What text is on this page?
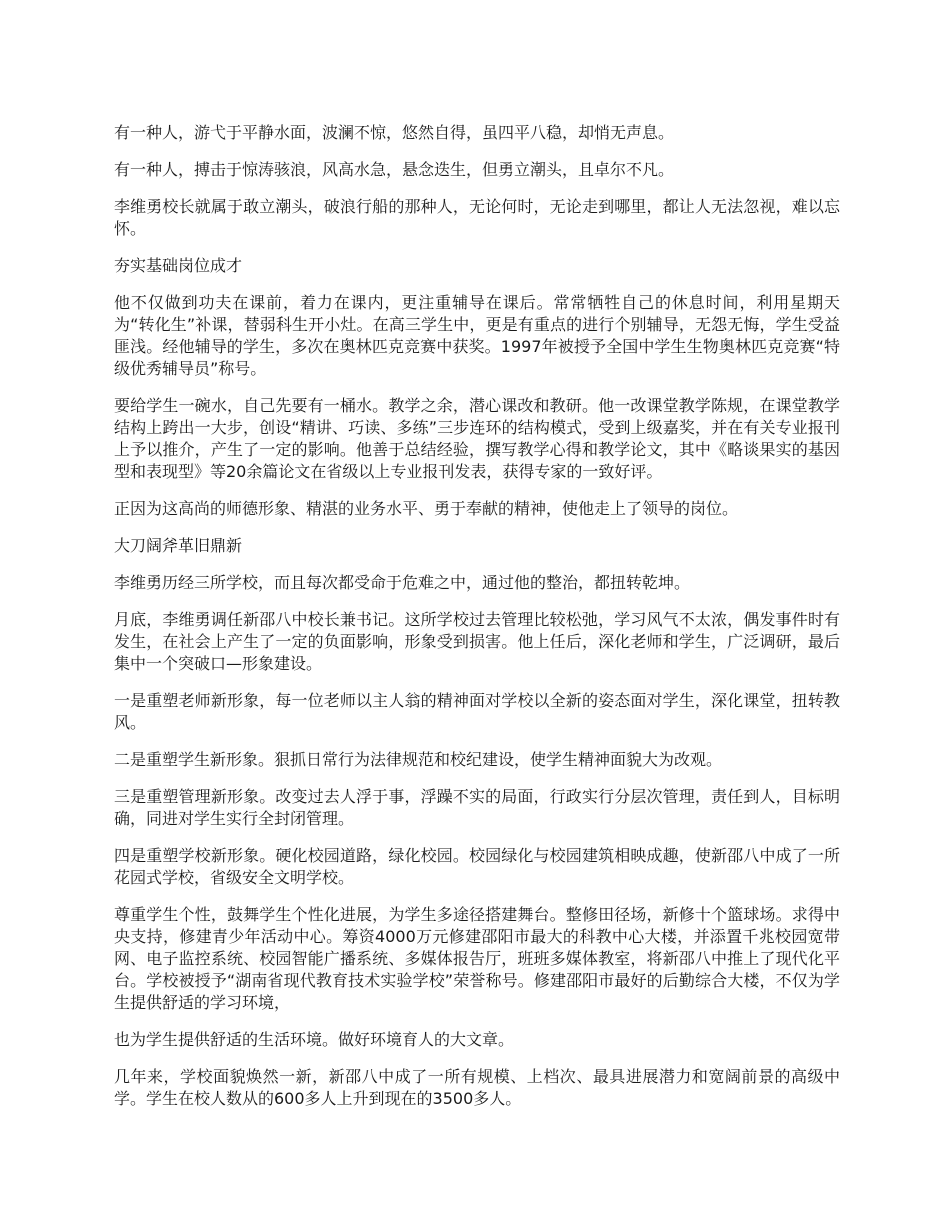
有一种人，游弋于平静水面，波澜不惊，悠然自得，虽四平八稳，却悄无声息。

有一种人，搏击于惊涛骇浪，风高水急，悬念迭生，但勇立潮头，且卓尔不凡。

李维勇校长就属于敢立潮头，破浪行船的那种人，无论何时，无论走到哪里，都让人无法忽视，难以忘怀。

夯实基础岗位成才

他不仅做到功夫在课前，着力在课内，更注重辅导在课后。常常牺牲自己的休息时间，利用星期天为“转化生”补课，替弱科生开小灶。在高三学生中，更是有重点的进行个别辅导，无怨无悔，学生受益匪浅。经他辅导的学生，多次在奥林匹克竞赛中获奖。1997年被授予全国中学生生物奥林匹克竞赛“特级优秀辅导员”称号。

要给学生一碗水，自己先要有一桶水。教学之余，潜心课改和教研。他一改课堂教学陈规，在课堂教学结构上跨出一大步，创设“精讲、巧读、多练”三步连环的结构模式，受到上级嘉奖，并在有关专业报刊上予以推介，产生了一定的影响。他善于总结经验，撰写教学心得和教学论文，其中《略谈果实的基因型和表现型》等20余篇论文在省级以上专业报刊发表，获得专家的一致好评。

正因为这高尚的师德形象、精湛的业务水平、勇于奉献的精神，使他走上了领导的岗位。

大刀阔斧革旧鼎新

李维勇历经三所学校，而且每次都受命于危难之中，通过他的整治，都扭转乾坤。

月底，李维勇调任新邵八中校长兼书记。这所学校过去管理比较松弛，学习风气不太浓，偶发事件时有发生，在社会上产生了一定的负面影响，形象受到损害。他上任后，深化老师和学生，广泛调研，最后集中一个突破口—形象建设。

一是重塑老师新形象，每一位老师以主人翁的精神面对学校以全新的姿态面对学生，深化课堂，扭转教风。

二是重塑学生新形象。狠抓日常行为法律规范和校纪建设，使学生精神面貌大为改观。

三是重塑管理新形象。改变过去人浮于事，浮躁不实的局面，行政实行分层次管理，责任到人，目标明确，同进对学生实行全封闭管理。

四是重塑学校新形象。硬化校园道路，绿化校园。校园绿化与校园建筑相映成趣，使新邵八中成了一所花园式学校，省级安全文明学校。

尊重学生个性，鼓舞学生个性化进展，为学生多途径搭建舞台。整修田径场，新修十个篮球场。求得中央支持，修建青少年活动中心。筹资4000万元修建邵阳市最大的科教中心大楼，并添置千兆校园宽带网、电子监控系统、校园智能广播系统、多媒体报告厅，班班多媒体教室，将新邵八中推上了现代化平台。学校被授予“湖南省现代教育技术实验学校”荣誉称号。修建邵阳市最好的后勤综合大楼，不仅为学生提供舒适的学习环境，

也为学生提供舒适的生活环境。做好环境育人的大文章。

几年来，学校面貌焕然一新，新邵八中成了一所有规模、上档次、最具进展潜力和宽阔前景的高级中学。学生在校人数从的600多人上升到现在的3500多人。
